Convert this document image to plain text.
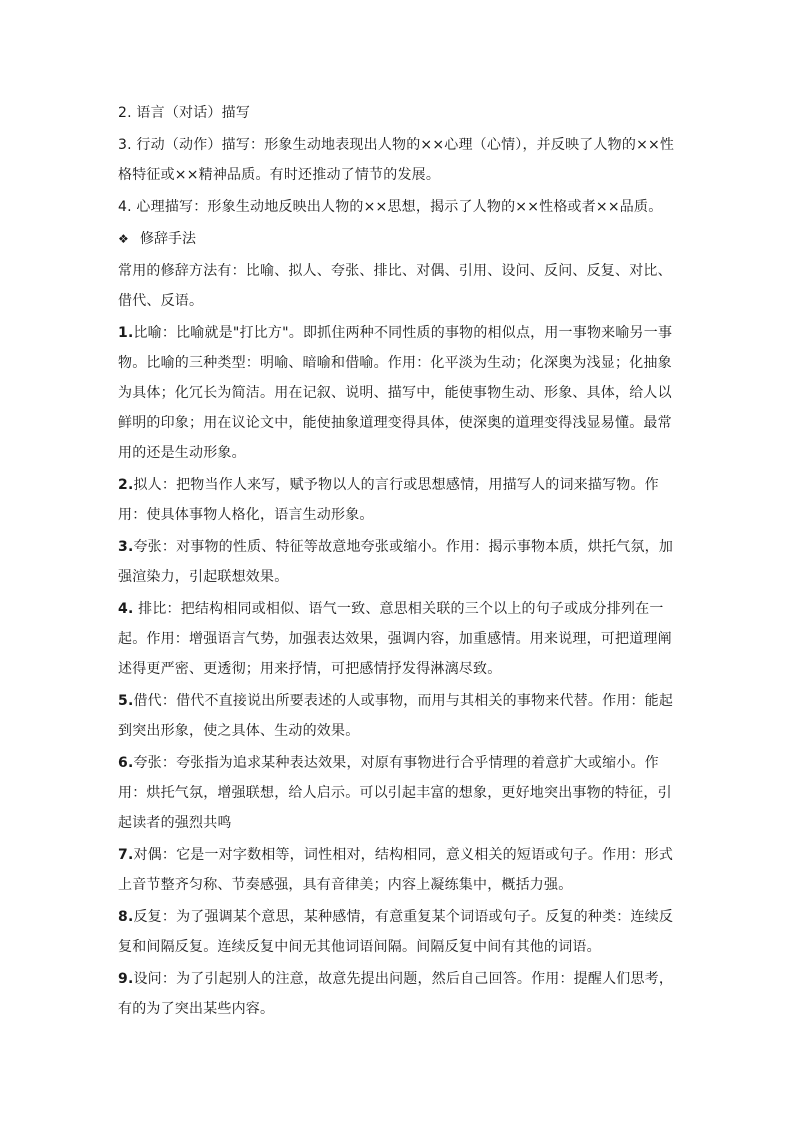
2. 语言（对话）描写

3. 行动（动作）描写：形象生动地表现出人物的××心理（心情），并反映了人物的××性格特征或××精神品质。有时还推动了情节的发展。

4. 心理描写：形象生动地反映出人物的××思想，揭示了人物的××性格或者××品质。

❖ 修辞手法

常用的修辞方法有：比喻、拟人、夸张、排比、对偶、引用、设问、反问、反复、对比、借代、反语。

1.比喻：比喻就是"打比方"。即抓住两种不同性质的事物的相似点，用一事物来喻另一事物。比喻的三种类型：明喻、暗喻和借喻。作用：化平淡为生动；化深奥为浅显；化抽象为具体；化冗长为简洁。用在记叙、说明、描写中，能使事物生动、形象、具体，给人以鲜明的印象；用在议论文中，能使抽象道理变得具体，使深奥的道理变得浅显易懂。最常用的还是生动形象。

2.拟人：把物当作人来写，赋予物以人的言行或思想感情，用描写人的词来描写物。作用：使具体事物人格化，语言生动形象。

3.夸张：对事物的性质、特征等故意地夸张或缩小。作用：揭示事物本质，烘托气氛，加强渲染力，引起联想效果。

4. 排比：把结构相同或相似、语气一致、意思相关联的三个以上的句子或成分排列在一起。作用：增强语言气势，加强表达效果，强调内容，加重感情。用来说理，可把道理阐述得更严密、更透彻；用来抒情，可把感情抒发得淋漓尽致。

5.借代：借代不直接说出所要表述的人或事物，而用与其相关的事物来代替。作用：能起到突出形象，使之具体、生动的效果。

6.夸张：夸张指为追求某种表达效果，对原有事物进行合乎情理的着意扩大或缩小。作用：烘托气氛，增强联想，给人启示。可以引起丰富的想象，更好地突出事物的特征，引起读者的强烈共鸣

7.对偶：它是一对字数相等，词性相对，结构相同，意义相关的短语或句子。作用：形式上音节整齐匀称、节奏感强，具有音律美；内容上凝练集中，概括力强。

8.反复：为了强调某个意思，某种感情，有意重复某个词语或句子。反复的种类：连续反复和间隔反复。连续反复中间无其他词语间隔。间隔反复中间有其他的词语。

9.设问：为了引起别人的注意，故意先提出问题，然后自己回答。作用：提醒人们思考，有的为了突出某些内容。
